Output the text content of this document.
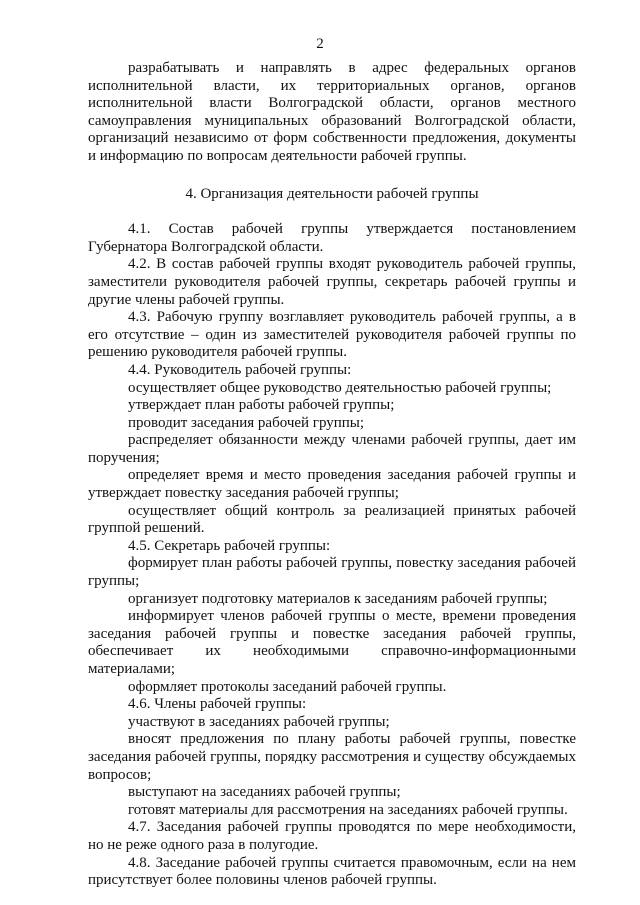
2

разрабатывать и направлять в адрес федеральных органов исполнительной власти, их территориальных органов, органов исполнительной власти Волгоградской области, органов местного самоуправления муниципальных образований Волгоградской области, организаций независимо от форм собственности предложения, документы и информацию по вопросам деятельности рабочей группы.

4. Организация деятельности рабочей группы

4.1. Состав рабочей группы утверждается постановлением Губернатора Волгоградской области.

4.2. В состав рабочей группы входят руководитель рабочей группы, заместители руководителя рабочей группы, секретарь рабочей группы и другие члены рабочей группы.

4.3. Рабочую группу возглавляет руководитель рабочей группы, а в его отсутствие – один из заместителей руководителя рабочей группы по решению руководителя рабочей группы.

4.4. Руководитель рабочей группы:

осуществляет общее руководство деятельностью рабочей группы;

утверждает план работы рабочей группы;

проводит заседания рабочей группы;

распределяет обязанности между членами рабочей группы, дает им поручения;

определяет время и место проведения заседания рабочей группы и утверждает повестку заседания рабочей группы;

осуществляет общий контроль за реализацией принятых рабочей группой решений.

4.5. Секретарь рабочей группы:

формирует план работы рабочей группы, повестку заседания рабочей группы;

организует подготовку материалов к заседаниям рабочей группы;

информирует членов рабочей группы о месте, времени проведения заседания рабочей группы и повестке заседания рабочей группы, обеспечивает их необходимыми справочно-информационными материалами;

оформляет протоколы заседаний рабочей группы.

4.6. Члены рабочей группы:

участвуют в заседаниях рабочей группы;

вносят предложения по плану работы рабочей группы, повестке заседания рабочей группы, порядку рассмотрения и существу обсуждаемых вопросов;

выступают на заседаниях рабочей группы;

готовят материалы для рассмотрения на заседаниях рабочей группы.

4.7. Заседания рабочей группы проводятся по мере необходимости, но не реже одного раза в полугодие.

4.8. Заседание рабочей группы считается правомочным, если на нем присутствует более половины членов рабочей группы.
